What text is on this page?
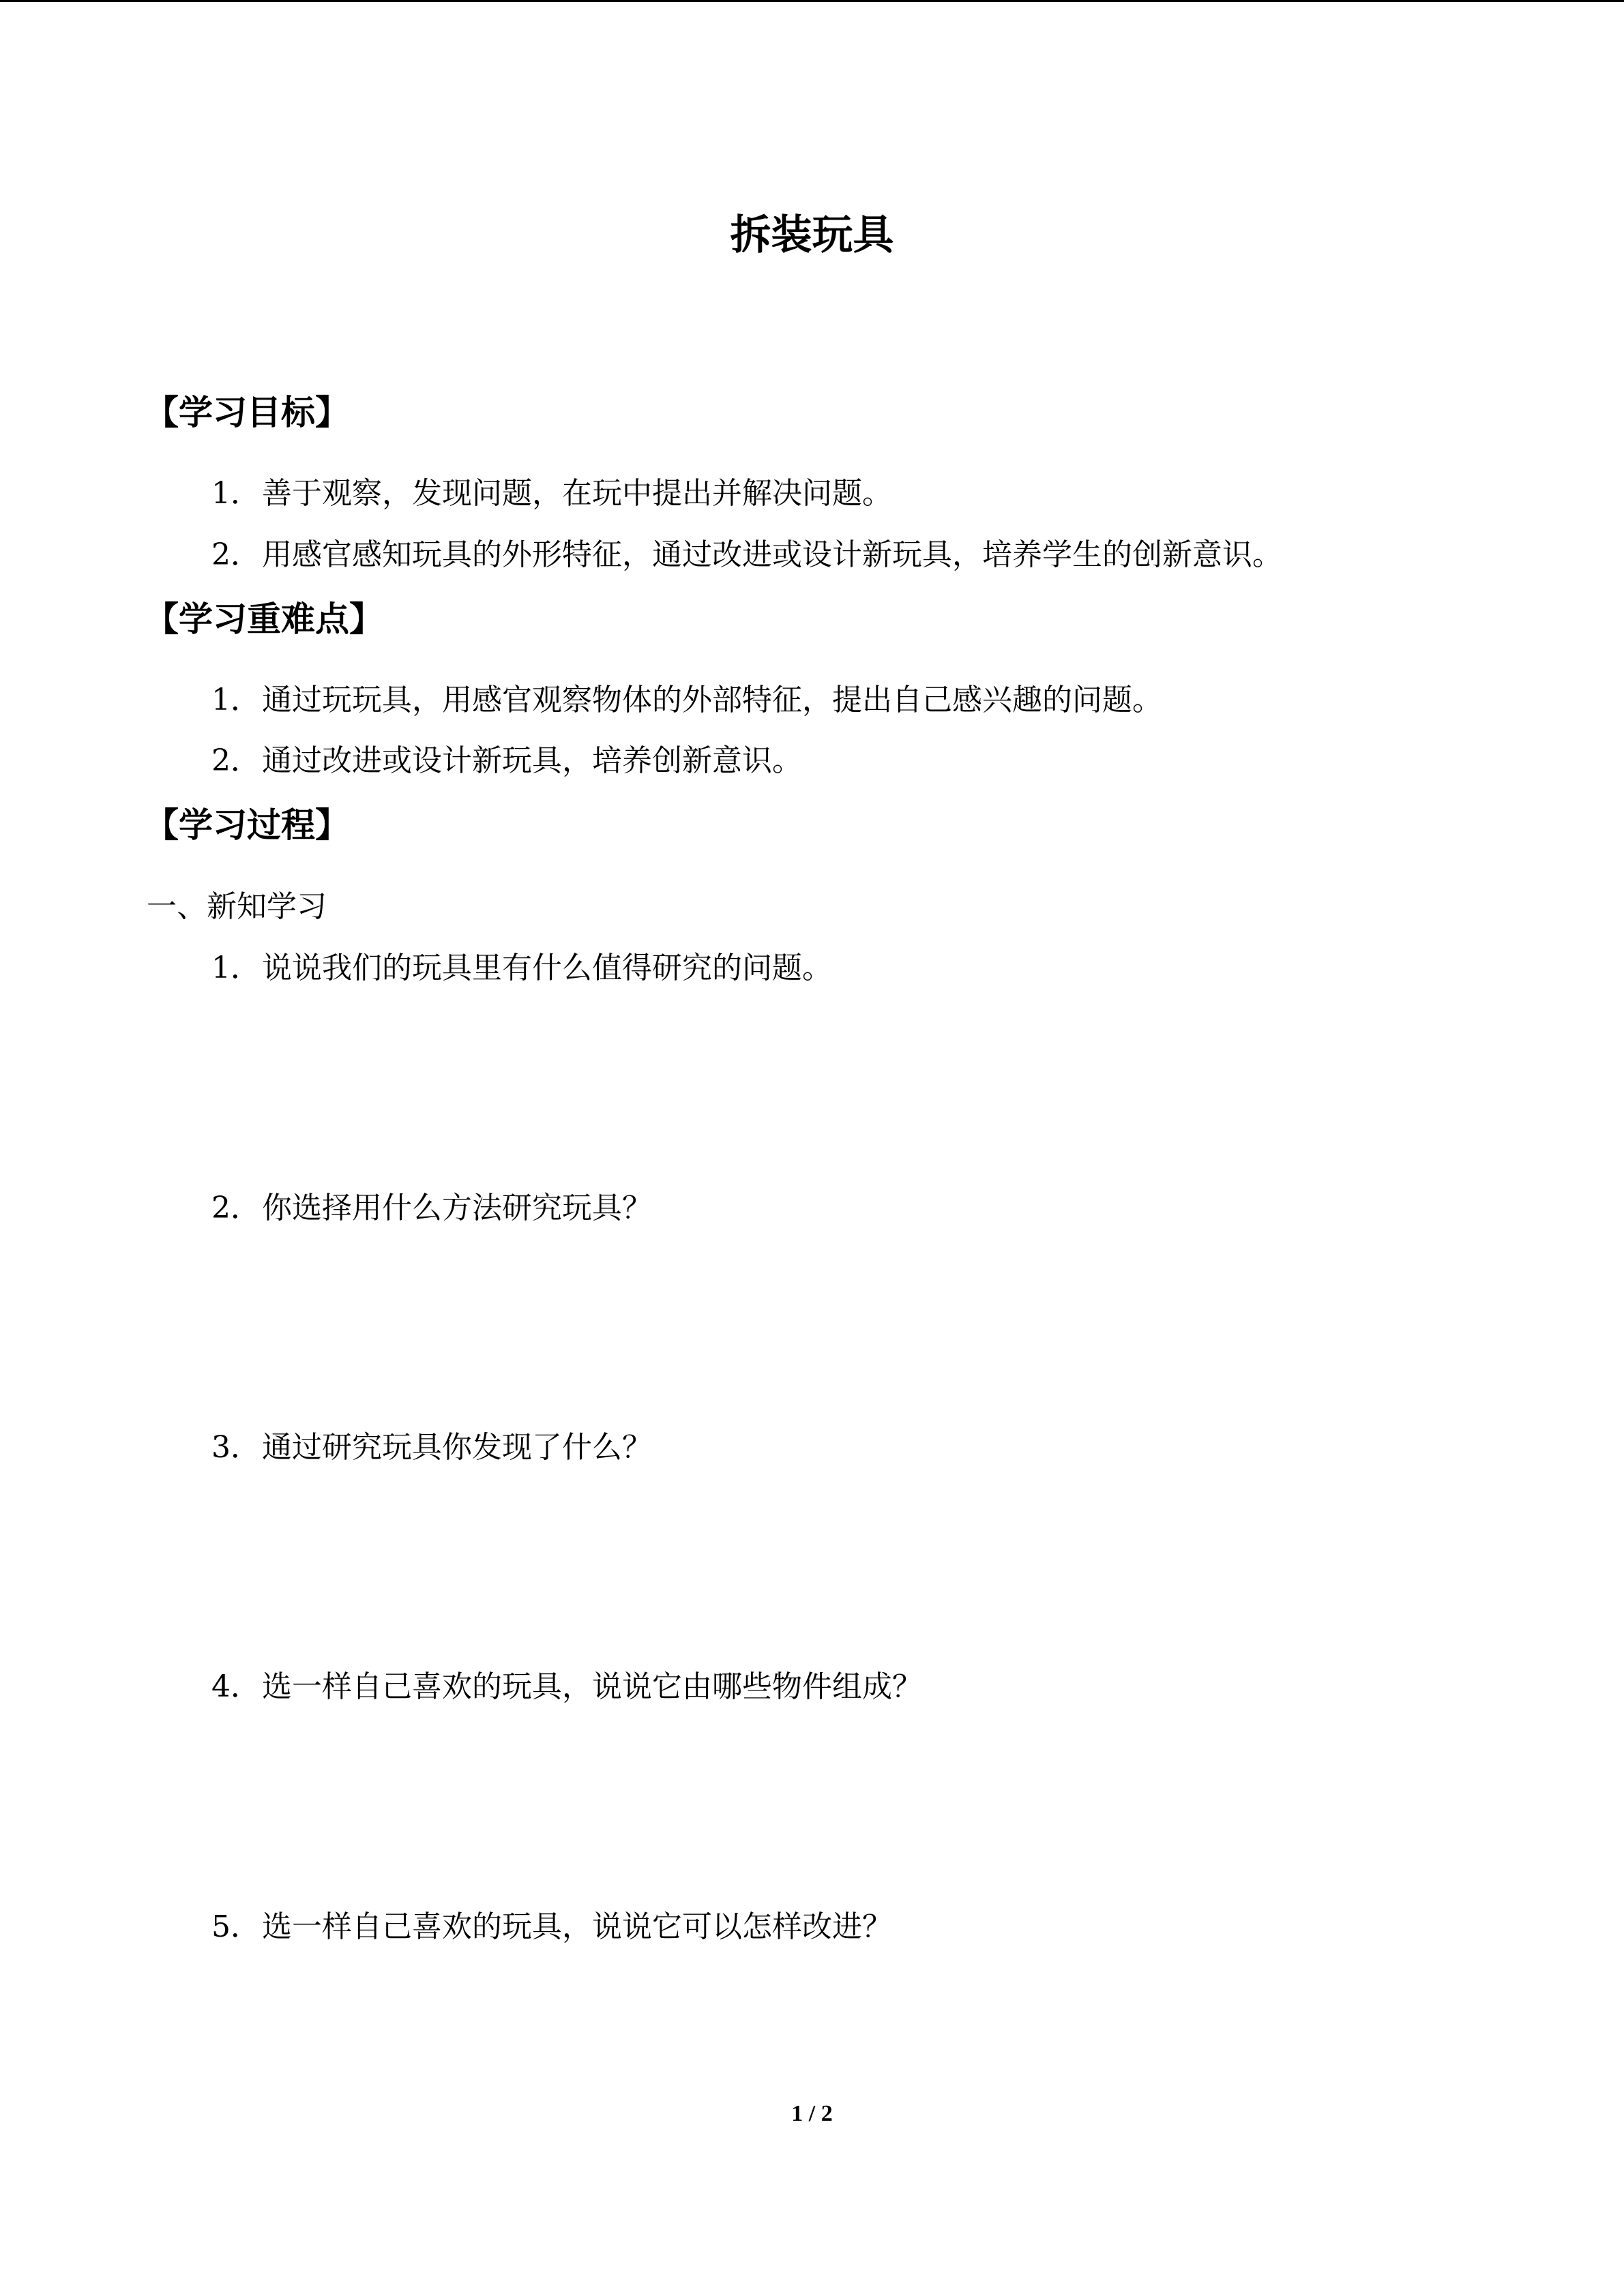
拆装玩具
【学习目标】
1．善于观察，发现问题，在玩中提出并解决问题。
2．用感官感知玩具的外形特征，通过改进或设计新玩具，培养学生的创新意识。
【学习重难点】
1．通过玩玩具，用感官观察物体的外部特征，提出自己感兴趣的问题。
2．通过改进或设计新玩具，培养创新意识。
【学习过程】
一、新知学习
1．说说我们的玩具里有什么值得研究的问题。
2．你选择用什么方法研究玩具？
3．通过研究玩具你发现了什么？
4．选一样自己喜欢的玩具，说说它由哪些物件组成？
5．选一样自己喜欢的玩具，说说它可以怎样改进？
1 / 2
